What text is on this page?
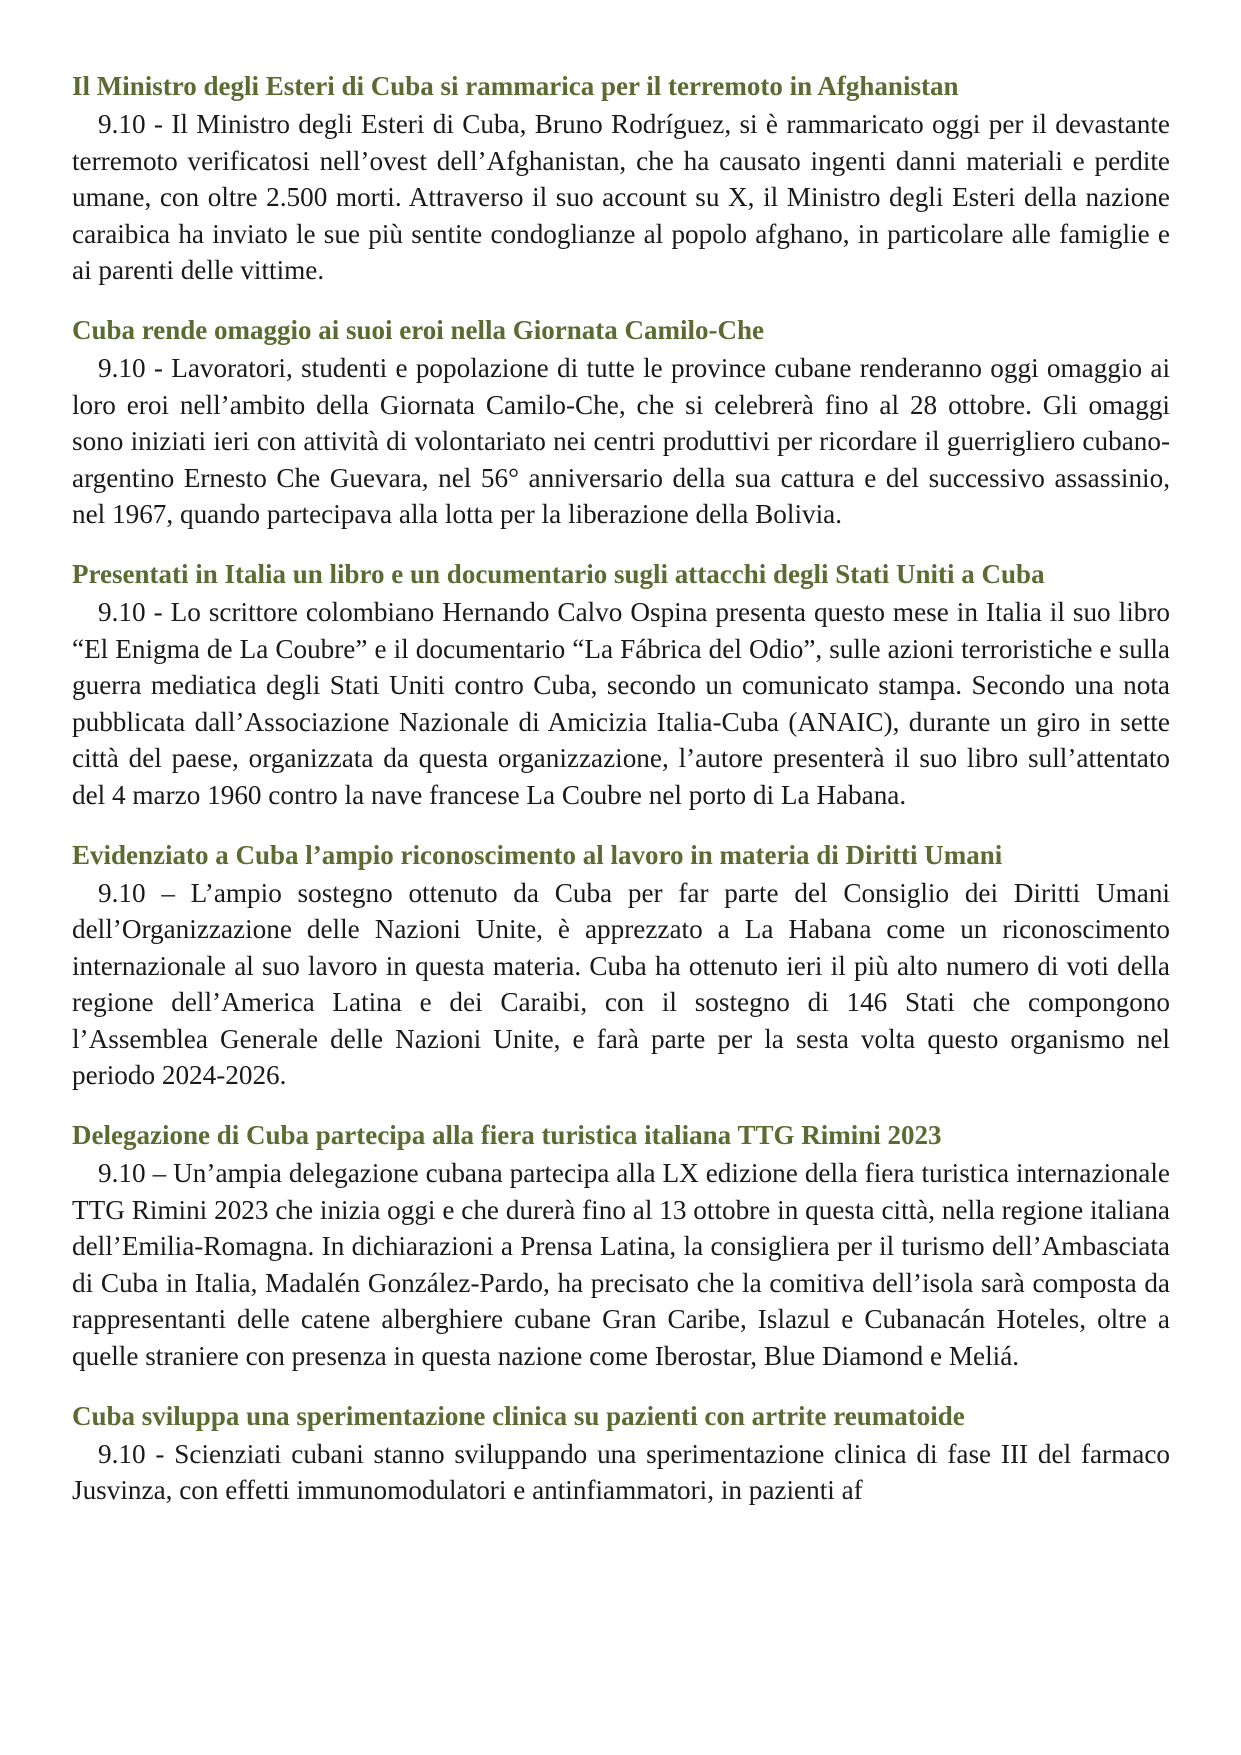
Il Ministro degli Esteri di Cuba si rammarica per il terremoto in Afghanistan

9.10 - Il Ministro degli Esteri di Cuba, Bruno Rodríguez, si è rammaricato oggi per il devastante terremoto verificatosi nell’ovest dell’Afghanistan, che ha causato ingenti danni materiali e perdite umane, con oltre 2.500 morti. Attraverso il suo account su X, il Ministro degli Esteri della nazione caraibica ha inviato le sue più sentite condoglianze al popolo afghano, in particolare alle famiglie e ai parenti delle vittime.

Cuba rende omaggio ai suoi eroi nella Giornata Camilo-Che

9.10 - Lavoratori, studenti e popolazione di tutte le province cubane renderanno oggi omaggio ai loro eroi nell’ambito della Giornata Camilo-Che, che si celebrerà fino al 28 ottobre. Gli omaggi sono iniziati ieri con attività di volontariato nei centri produttivi per ricordare il guerrigliero cubano-argentino Ernesto Che Guevara, nel 56° anniversario della sua cattura e del successivo assassinio, nel 1967, quando partecipava alla lotta per la liberazione della Bolivia.

Presentati in Italia un libro e un documentario sugli attacchi degli Stati Uniti a Cuba

9.10 - Lo scrittore colombiano Hernando Calvo Ospina presenta questo mese in Italia il suo libro “El Enigma de La Coubre” e il documentario “La Fábrica del Odio”, sulle azioni terroristiche e sulla guerra mediatica degli Stati Uniti contro Cuba, secondo un comunicato stampa. Secondo una nota pubblicata dall’Associazione Nazionale di Amicizia Italia-Cuba (ANAIC), durante un giro in sette città del paese, organizzata da questa organizzazione, l’autore presenterà il suo libro sull’attentato del 4 marzo 1960 contro la nave francese La Coubre nel porto di La Habana.

Evidenziato a Cuba l’ampio riconoscimento al lavoro in materia di Diritti Umani

9.10 – L’ampio sostegno ottenuto da Cuba per far parte del Consiglio dei Diritti Umani dell’Organizzazione delle Nazioni Unite, è apprezzato a La Habana come un riconoscimento internazionale al suo lavoro in questa materia. Cuba ha ottenuto ieri il più alto numero di voti della regione dell’America Latina e dei Caraibi, con il sostegno di 146 Stati che compongono l’Assemblea Generale delle Nazioni Unite, e farà parte per la sesta volta questo organismo nel periodo 2024-2026.

Delegazione di Cuba partecipa alla fiera turistica italiana TTG Rimini 2023

9.10 – Un’ampia delegazione cubana partecipa alla LX edizione della fiera turistica internazionale TTG Rimini 2023 che inizia oggi e che durerà fino al 13 ottobre in questa città, nella regione italiana dell’Emilia-Romagna. In dichiarazioni a Prensa Latina, la consigliera per il turismo dell’Ambasciata di Cuba in Italia, Madalén González-Pardo, ha precisato che la comitiva dell’isola sarà composta da rappresentanti delle catene alberghiere cubane Gran Caribe, Islazul e Cubanacán Hoteles, oltre a quelle straniere con presenza in questa nazione come Iberostar, Blue Diamond e Meliá.

Cuba sviluppa una sperimentazione clinica su pazienti con artrite reumatoide

9.10 - Scienziati cubani stanno sviluppando una sperimentazione clinica di fase III del farmaco Jusvinza, con effetti immunomodulatori e antinfiammatori, in pazienti af
